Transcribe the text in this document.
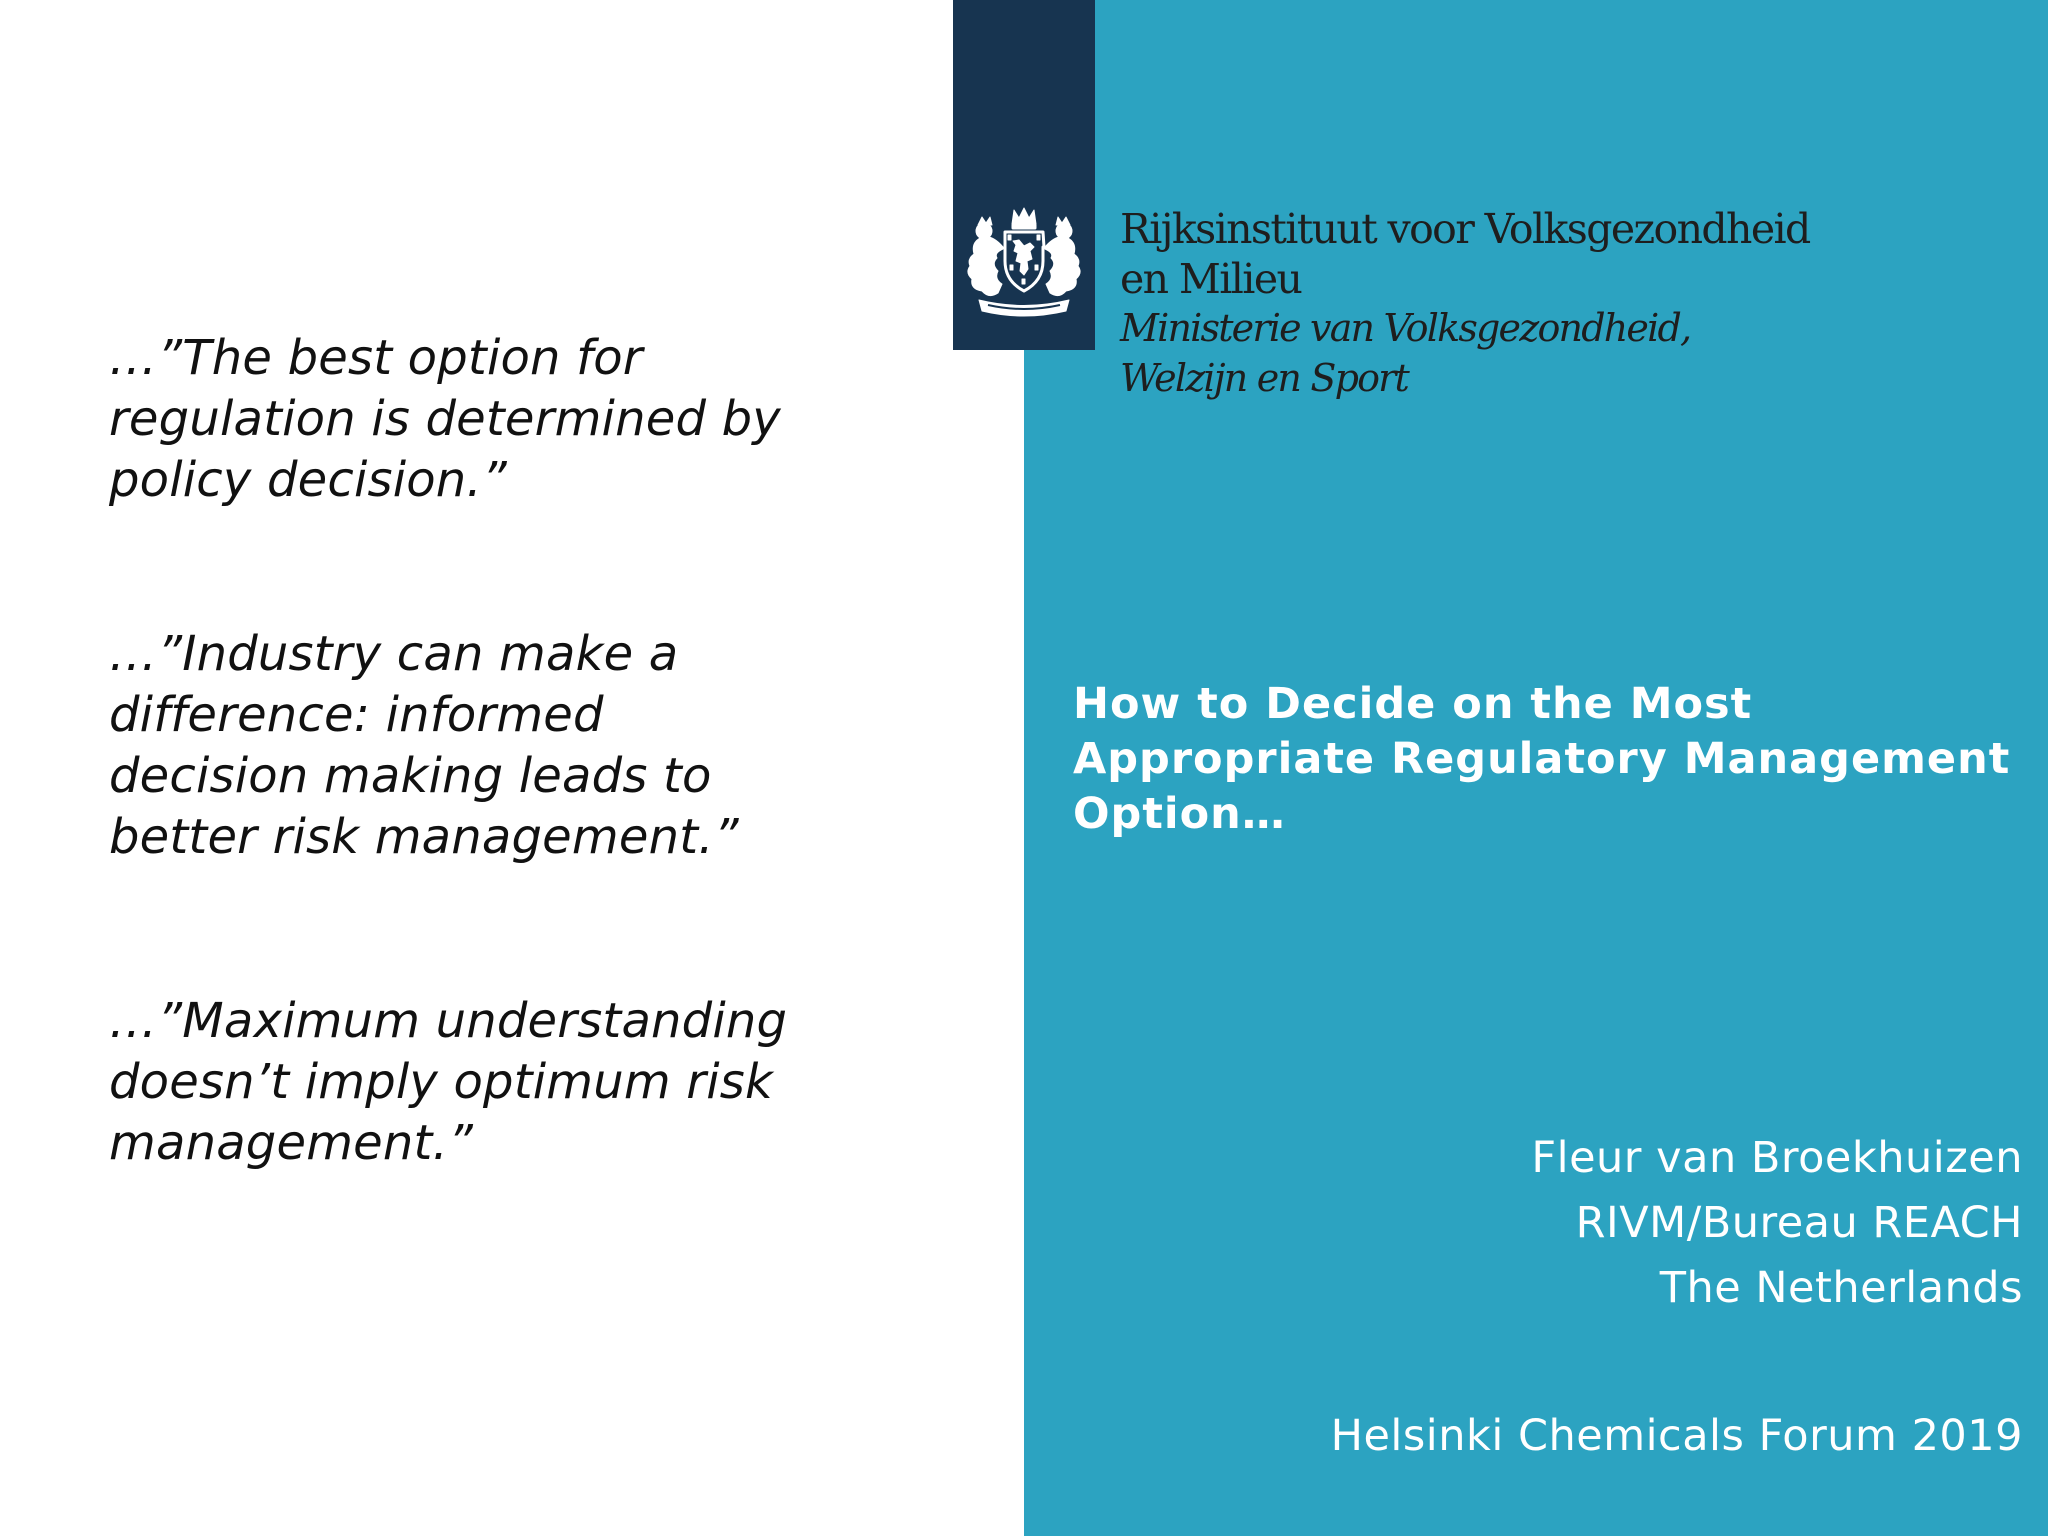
Rijksinstituut voor Volksgezondheid
en Milieu
Ministerie van Volksgezondheid,
Welzijn en Sport

…”The best option for
regulation is determined by
policy decision.”

…”Industry can make a
difference: informed
decision making leads to
better risk management.”

…”Maximum understanding
doesn’t imply optimum risk
management.”

How to Decide on the Most
Appropriate Regulatory Management
Option…
Fleur van Broekhuizen
RIVM/Bureau REACH
The Netherlands
Helsinki Chemicals Forum 2019
